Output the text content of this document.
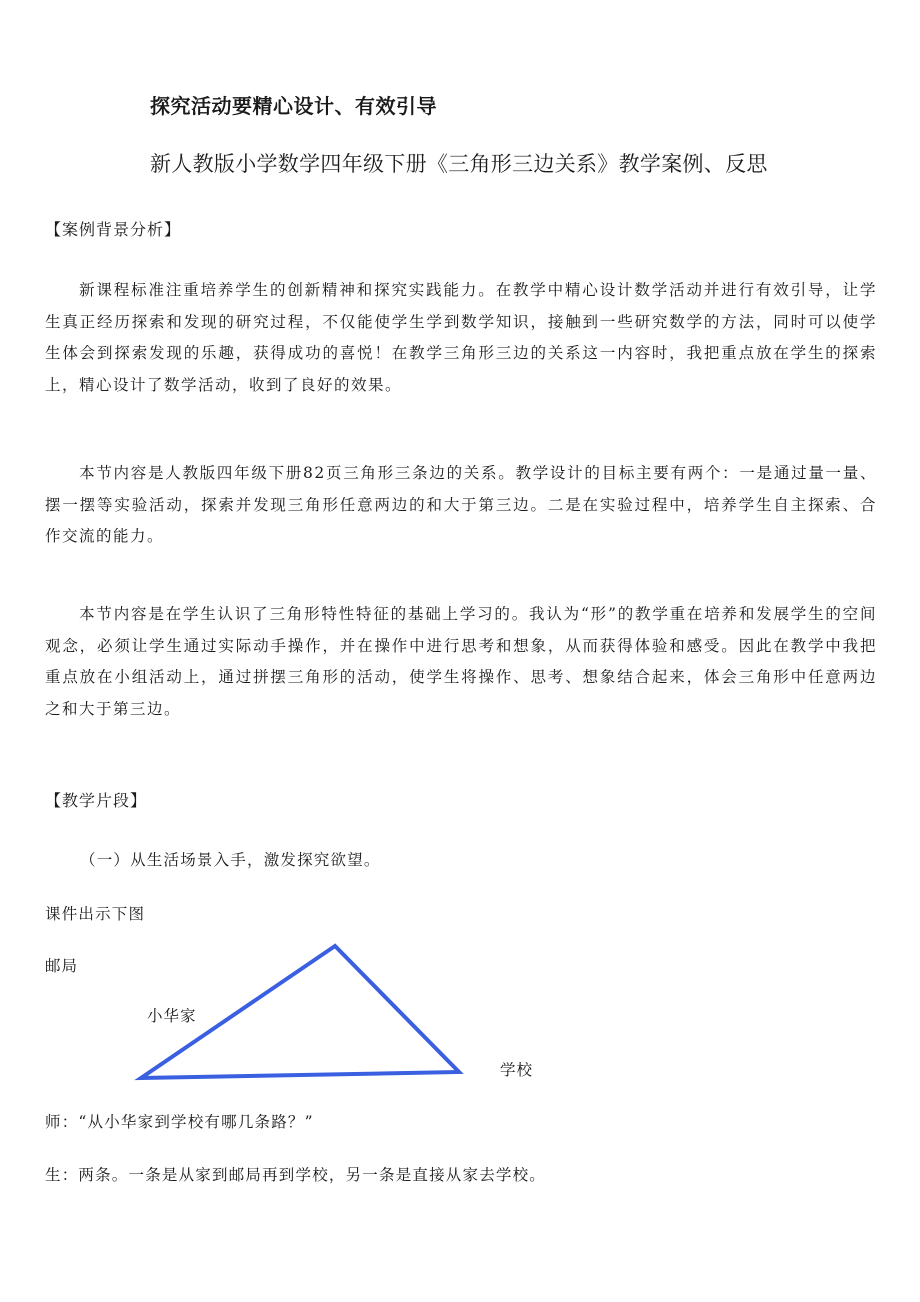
探究活动要精心设计、有效引导
新人教版小学数学四年级下册《三角形三边关系》教学案例、反思
【案例背景分析】

新课程标准注重培养学生的创新精神和探究实践能力。在教学中精心设计数学活动并进行有效引导，让学生真正经历探索和发现的研究过程，不仅能使学生学到数学知识，接触到一些研究数学的方法，同时可以使学生体会到探索发现的乐趣，获得成功的喜悦！在教学三角形三边的关系这一内容时，我把重点放在学生的探索上，精心设计了数学活动，收到了良好的效果。

本节内容是人教版四年级下册82页三角形三条边的关系。教学设计的目标主要有两个：一是通过量一量、摆一摆等实验活动，探索并发现三角形任意两边的和大于第三边。二是在实验过程中，培养学生自主探索、合作交流的能力。

本节内容是在学生认识了三角形特性特征的基础上学习的。我认为“形”的教学重在培养和发展学生的空间观念，必须让学生通过实际动手操作，并在操作中进行思考和想象，从而获得体验和感受。因此在教学中我把重点放在小组活动上，通过拼摆三角形的活动，使学生将操作、思考、想象结合起来，体会三角形中任意两边之和大于第三边。

【教学片段】
（一）从生活场景入手，激发探究欲望。
课件出示下图
邮局
小华家
学校
师：“从小华家到学校有哪几条路？”
生：两条。一条是从家到邮局再到学校，另一条是直接从家去学校。
